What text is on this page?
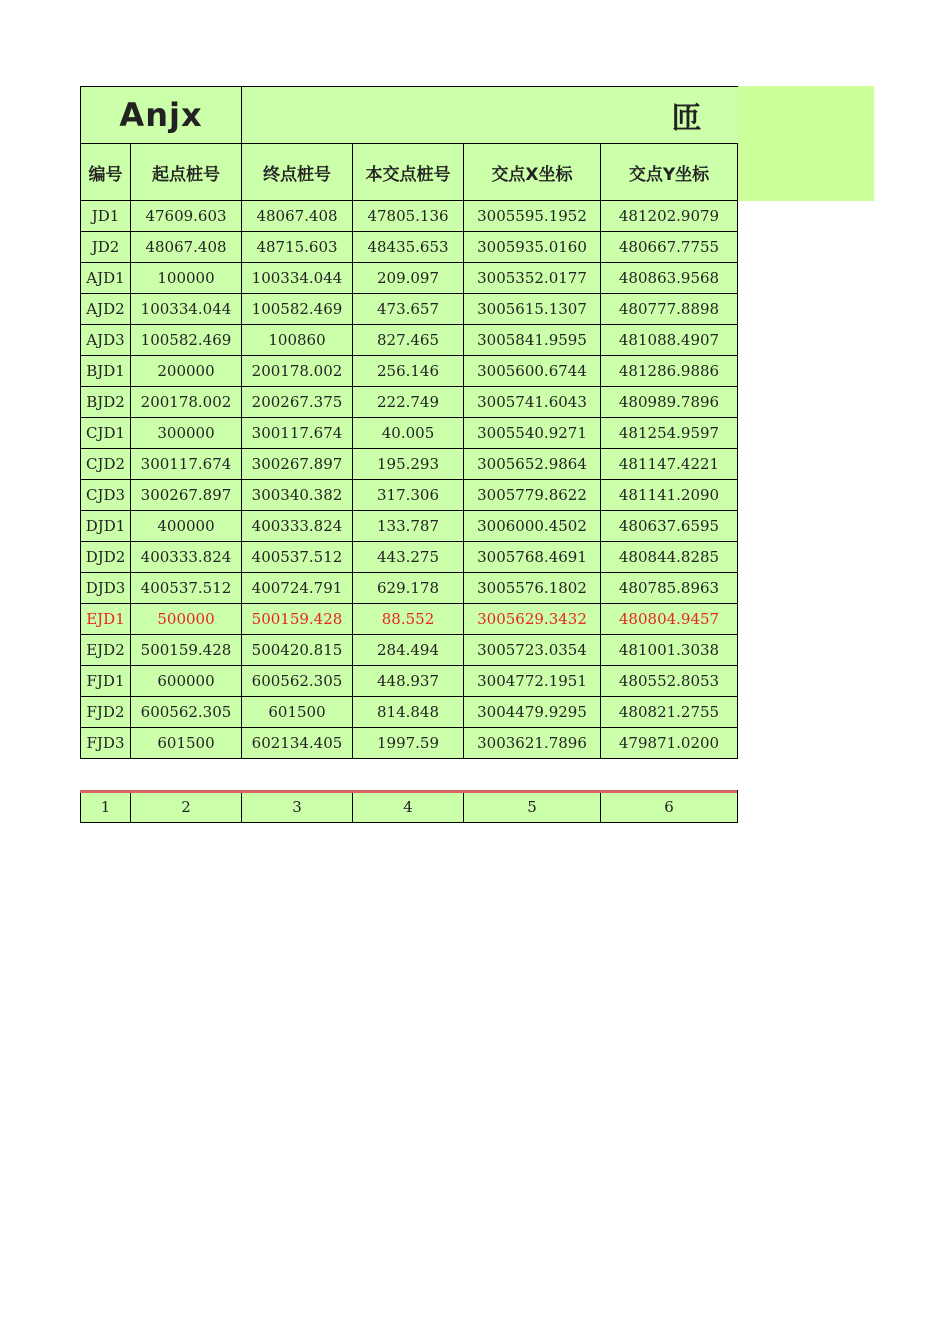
Anjx		匝			
编号	起点桩号	终点桩号	本交点桩号	交点X坐标	交点Y坐标
JD1	47609.603	48067.408	47805.136	3005595.1952	481202.9079
JD2	48067.408	48715.603	48435.653	3005935.0160	480667.7755
AJD1	100000	100334.044	209.097	3005352.0177	480863.9568
AJD2	100334.044	100582.469	473.657	3005615.1307	480777.8898
AJD3	100582.469	100860	827.465	3005841.9595	481088.4907
BJD1	200000	200178.002	256.146	3005600.6744	481286.9886
BJD2	200178.002	200267.375	222.749	3005741.6043	480989.7896
CJD1	300000	300117.674	40.005	3005540.9271	481254.9597
CJD2	300117.674	300267.897	195.293	3005652.9864	481147.4221
CJD3	300267.897	300340.382	317.306	3005779.8622	481141.2090
DJD1	400000	400333.824	133.787	3006000.4502	480637.6595
DJD2	400333.824	400537.512	443.275	3005768.4691	480844.8285
DJD3	400537.512	400724.791	629.178	3005576.1802	480785.8963
EJD1	500000	500159.428	88.552	3005629.3432	480804.9457
EJD2	500159.428	500420.815	284.494	3005723.0354	481001.3038
FJD1	600000	600562.305	448.937	3004772.1951	480552.8053
FJD2	600562.305	601500	814.848	3004479.9295	480821.2755
FJD3	601500	602134.405	1997.59	3003621.7896	479871.0200
1	2	3	4	5	6
